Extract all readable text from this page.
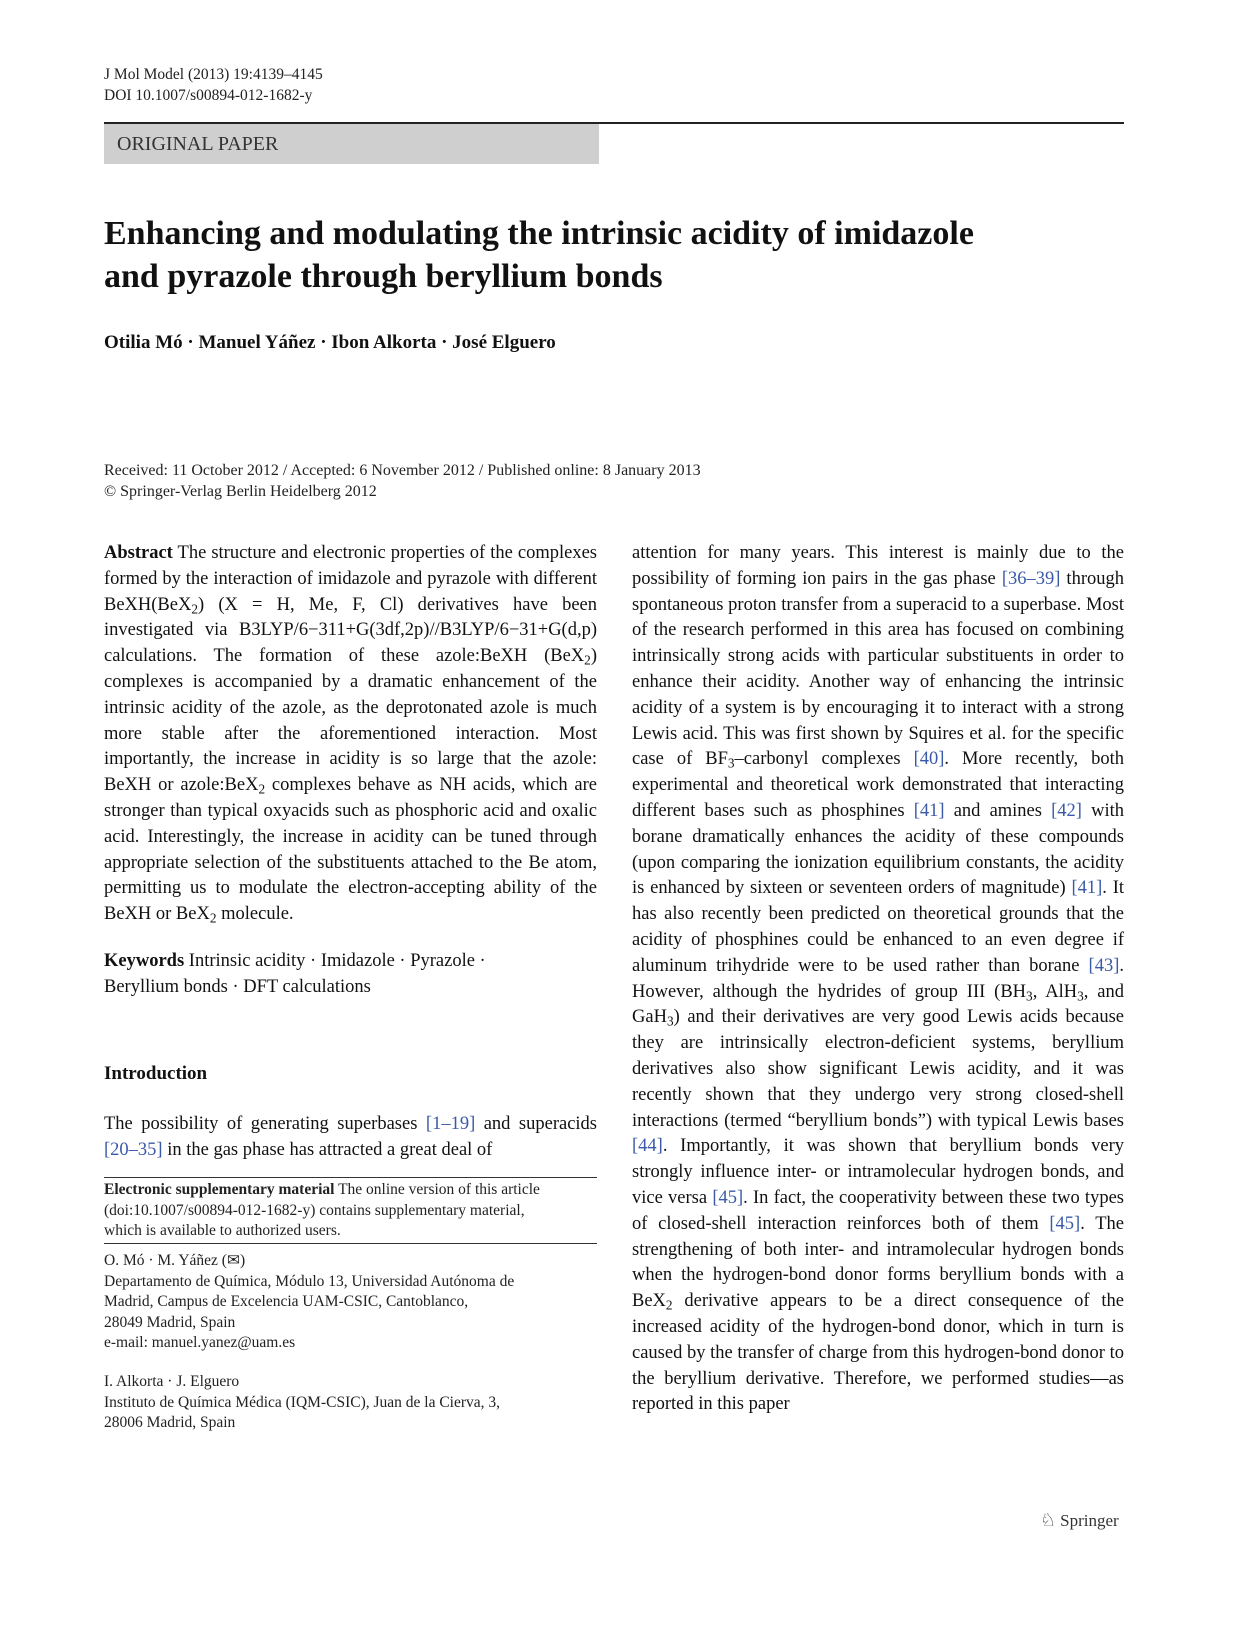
J Mol Model (2013) 19:4139–4145
DOI 10.1007/s00894-012-1682-y
ORIGINAL PAPER
Enhancing and modulating the intrinsic acidity of imidazole
and pyrazole through beryllium bonds
Otilia Mó · Manuel Yáñez · Ibon Alkorta · José Elguero
Received: 11 October 2012 / Accepted: 6 November 2012 / Published online: 8 January 2013
© Springer-Verlag Berlin Heidelberg 2012

Abstract The structure and electronic properties of the complexes formed by the interaction of imidazole and pyrazole with different BeXH(BeX$_2$) (X = H, Me, F, Cl) derivatives have been investigated via B3LYP/6−311+G(3df,2p)//B3LYP/6−31+G(d,p) calculations. The formation of these azole:BeXH (BeX$_2$) complexes is accompanied by a dramatic enhancement of the intrinsic acidity of the azole, as the deprotonated azole is much more stable after the aforementioned interaction. Most importantly, the increase in acidity is so large that the azole: BeXH or azole:BeX$_2$ complexes behave as NH acids, which are stronger than typical oxyacids such as phosphoric acid and oxalic acid. Interestingly, the increase in acidity can be tuned through appropriate selection of the substituents attached to the Be atom, permitting us to modulate the electron-accepting ability of the BeXH or BeX$_2$ molecule.

Keywords Intrinsic acidity · Imidazole · Pyrazole ·
Beryllium bonds · DFT calculations

Introduction

The possibility of generating superbases [1–19] and superacids [20–35] in the gas phase has attracted a great deal of

Electronic supplementary material The online version of this article
(doi:10.1007/s00894-012-1682-y) contains supplementary material,
which is available to authorized users.
O. Mó · M. Yáñez (✉)
Departamento de Química, Módulo 13, Universidad Autónoma de
Madrid, Campus de Excelencia UAM-CSIC, Cantoblanco,
28049 Madrid, Spain
e-mail: manuel.yanez@uam.es
I. Alkorta · J. Elguero
Instituto de Química Médica (IQM-CSIC), Juan de la Cierva, 3,
28006 Madrid, Spain

attention for many years. This interest is mainly due to the possibility of forming ion pairs in the gas phase [36–39] through spontaneous proton transfer from a superacid to a superbase. Most of the research performed in this area has focused on combining intrinsically strong acids with particular substituents in order to enhance their acidity. Another way of enhancing the intrinsic acidity of a system is by encouraging it to interact with a strong Lewis acid. This was first shown by Squires et al. for the specific case of $BF_3$–carbonyl complexes [40]. More recently, both experimental and theoretical work demonstrated that interacting different bases such as phosphines [41] and amines [42] with borane dramatically enhances the acidity of these compounds (upon comparing the ionization equilibrium constants, the acidity is enhanced by sixteen or seventeen orders of magnitude) [41]. It has also recently been predicted on theoretical grounds that the acidity of phosphines could be enhanced to an even degree if aluminum trihydride were to be used rather than borane [43]. However, although the hydrides of group III ($BH_3$, AlH$_3$, and GaH$_3$) and their derivatives are very good Lewis acids because they are intrinsically electron-deficient systems, beryllium derivatives also show significant Lewis acidity, and it was recently shown that they undergo very strong closed-shell interactions (termed “beryllium bonds”) with typical Lewis bases [44]. Importantly, it was shown that beryllium bonds very strongly influence inter- or intramolecular hydrogen bonds, and vice versa [45]. In fact, the cooperativity between these two types of closed-shell interaction reinforces both of them [45]. The strengthening of both inter- and intramolecular hydrogen bonds when the hydrogen-bond donor forms beryllium bonds with a BeX$_2$ derivative appears to be a direct consequence of the increased acidity of the hydrogen-bond donor, which in turn is caused by the transfer of charge from this hydrogen-bond donor to the beryllium derivative. Therefore, we performed studies—as reported in this paper

♘ Springer
